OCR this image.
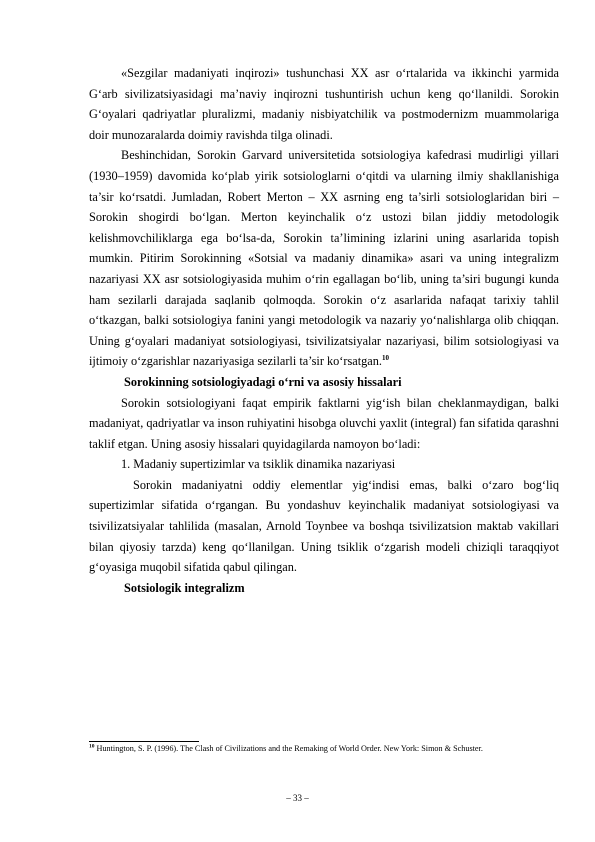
«Sezgilar madaniyati inqirozi» tushunchasi XX asr o‘rtalarida va ikkinchi yarmida G‘arb sivilizatsiyasidagi ma’naviy inqirozni tushuntirish uchun keng qo‘llanildi. Sorokin G‘oyalari qadriyatlar pluralizmi, madaniy nisbiyatchilik va postmodernizm muammolariga doir munozaralarda doimiy ravishda tilga olinadi.

Beshinchidan, Sorokin Garvard universitetida sotsiologiya kafedrasi mudirligi yillari (1930–1959) davomida ko‘plab yirik sotsiologlarni o‘qitdi va ularning ilmiy shakllanishiga ta’sir ko‘rsatdi. Jumladan, Robert Merton – XX asrning eng ta’sirli sotsiologlaridan biri – Sorokin shogirdi bo‘lgan. Merton keyinchalik o‘z ustozi bilan jiddiy metodologik kelishmovchiliklarga ega bo‘lsa-da, Sorokin ta’limining izlarini uning asarlarida topish mumkin. Pitirim Sorokinning «Sotsial va madaniy dinamika» asari va uning integralizm nazariyasi XX asr sotsiologiyasida muhim o‘rin egallagan bo‘lib, uning ta’siri bugungi kunda ham sezilarli darajada saqlanib qolmoqda. Sorokin o‘z asarlarida nafaqat tarixiy tahlil o‘tkazgan, balki sotsiologiya fanini yangi metodologik va nazariy yo‘nalishlarga olib chiqqan. Uning g‘oyalari madaniyat sotsiologiyasi, tsivilizatsiyalar nazariyasi, bilim sotsiologiyasi va ijtimoiy o‘zgarishlar nazariyasiga sezilarli ta’sir ko‘rsatgan.$^{10}$

Sorokinning sotsiologiyadagi o‘rni va asosiy hissalari

Sorokin sotsiologiyani faqat empirik faktlarni yig‘ish bilan cheklanmaydigan, balki madaniyat, qadriyatlar va inson ruhiyatini hisobga oluvchi yaxlit (integral) fan sifatida qarashni taklif etgan. Uning asosiy hissalari quyidagilarda namoyon bo‘ladi:

1. Madaniy supertizimlar va tsiklik dinamika nazariyasi

Sorokin madaniyatni oddiy elementlar yig‘indisi emas, balki o‘zaro bog‘liq supertizimlar sifatida o‘rgangan. Bu yondashuv keyinchalik madaniyat sotsiologiyasi va tsivilizatsiyalar tahlilida (masalan, Arnold Toynbee va boshqa tsivilizatsion maktab vakillari bilan qiyosiy tarzda) keng qo‘llanilgan. Uning tsiklik o‘zgarish modeli chiziqli taraqqiyot g‘oyasiga muqobil sifatida qabul qilingan.

Sotsiologik integralizm

$^{10}$ Huntington, S. P. (1996). The Clash of Civilizations and the Remaking of World Order. New York: Simon & Schuster.
– 33 –
